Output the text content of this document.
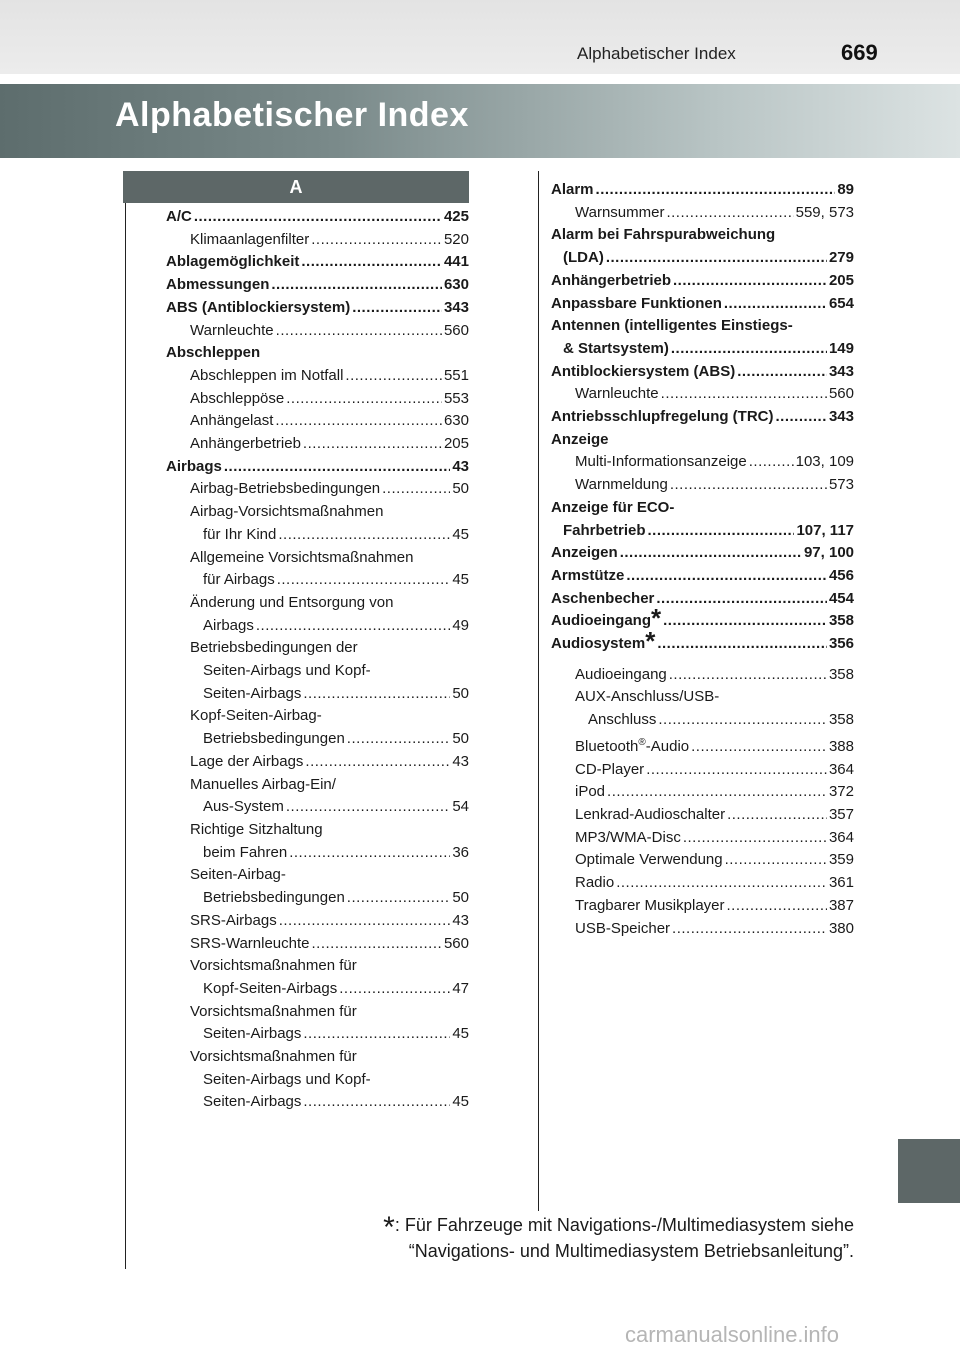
Alphabetischer Index	669
Alphabetischer Index
A
A/C .....	425
Klimaanlagenfilter .....	520
Ablagemöglichkeit .....	441
Abmessungen .....	630
ABS (Antiblockiersystem) .....	343
Warnleuchte .....	560
Abschleppen
Abschleppen im Notfall .....	551
Abschleppöse .....	553
Anhängelast .....	630
Anhängerbetrieb .....	205
Airbags .....	43
Airbag-Betriebsbedingungen .....	50
Airbag-Vorsichtsmaßnahmen
für Ihr Kind .....	45
Allgemeine Vorsichtsmaßnahmen
für Airbags .....	45
Änderung und Entsorgung von
Airbags .....	49
Betriebsbedingungen der
Seiten-Airbags und Kopf-
Seiten-Airbags .....	50
Kopf-Seiten-Airbag-
Betriebsbedingungen .....	50
Lage der Airbags .....	43
Manuelles Airbag-Ein/
Aus-System .....	54
Richtige Sitzhaltung
beim Fahren .....	36
Seiten-Airbag-
Betriebsbedingungen .....	50
SRS-Airbags .....	43
SRS-Warnleuchte .....	560
Vorsichtsmaßnahmen für
Kopf-Seiten-Airbags .....	47
Vorsichtsmaßnahmen für
Seiten-Airbags .....	45
Vorsichtsmaßnahmen für
Seiten-Airbags und Kopf-
Seiten-Airbags .....	45
Alarm .....	89
Warnsummer .....	559, 573
Alarm bei Fahrspurabweichung
(LDA) .....	279
Anhängerbetrieb .....	205
Anpassbare Funktionen .....	654
Antennen (intelligentes Einstiegs-
& Startsystem) .....	149
Antiblockiersystem (ABS) .....	343
Warnleuchte .....	560
Antriebsschlupfregelung (TRC) .....	343
Anzeige
Multi-Informationsanzeige .....	103, 109
Warnmeldung .....	573
Anzeige für ECO-
Fahrbetrieb .....	107, 117
Anzeigen .....	97, 100
Armstütze .....	456
Aschenbecher .....	454
Audioeingang* .....	358
Audiosystem* .....	356
Audioeingang .....	358
AUX-Anschluss/USB-
Anschluss .....	358
Bluetooth®-Audio .....	388
CD-Player .....	364
iPod .....	372
Lenkrad-Audioschalter .....	357
MP3/WMA-Disc .....	364
Optimale Verwendung .....	359
Radio .....	361
Tragbarer Musikplayer .....	387
USB-Speicher .....	380
*: Für Fahrzeuge mit Navigations-/Multimediasystem siehe
“Navigations- und Multimediasystem Betriebsanleitung”.
carmanualsonline.info
